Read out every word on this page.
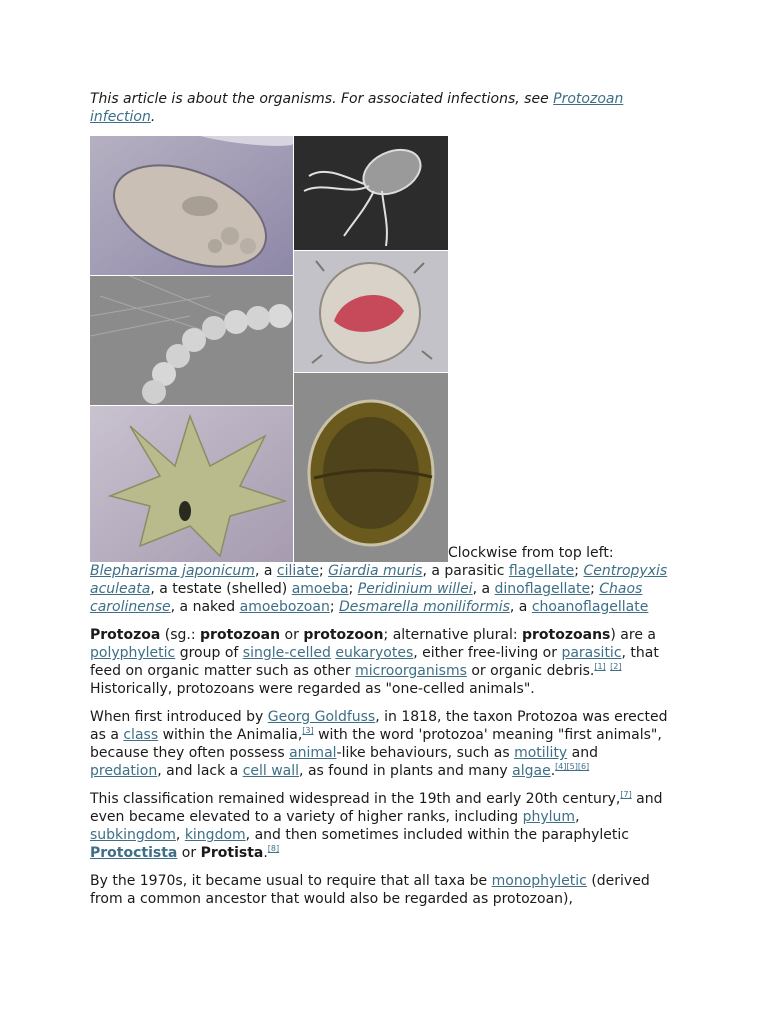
This article is about the organisms. For associated infections, see Protozoan infection.
Clockwise from top left: Blepharisma japonicum, a ciliate; Giardia muris, a parasitic flagellate; Centropyxis aculeata, a testate (shelled) amoeba; Peridinium willei, a dinoflagellate; Chaos carolinense, a naked amoebozoan; Desmarella moniliformis, a choanoflagellate

Protozoa (sg.: protozoan or protozoon; alternative plural: protozoans) are a polyphyletic group of single-celled eukaryotes, either free-living or parasitic, that feed on organic matter such as other microorganisms or organic debris.[1] [2] Historically, protozoans were regarded as "one-celled animals".

When first introduced by Georg Goldfuss, in 1818, the taxon Protozoa was erected as a class within the Animalia,[3] with the word 'protozoa' meaning "first animals", because they often possess animal-like behaviours, such as motility and predation, and lack a cell wall, as found in plants and many algae.[4][5][6]

This classification remained widespread in the 19th and early 20th century,[7] and even became elevated to a variety of higher ranks, including phylum, subkingdom, kingdom, and then sometimes included within the paraphyletic Protoctista or Protista.[8]

By the 1970s, it became usual to require that all taxa be monophyletic (derived from a common ancestor that would also be regarded as protozoan),
